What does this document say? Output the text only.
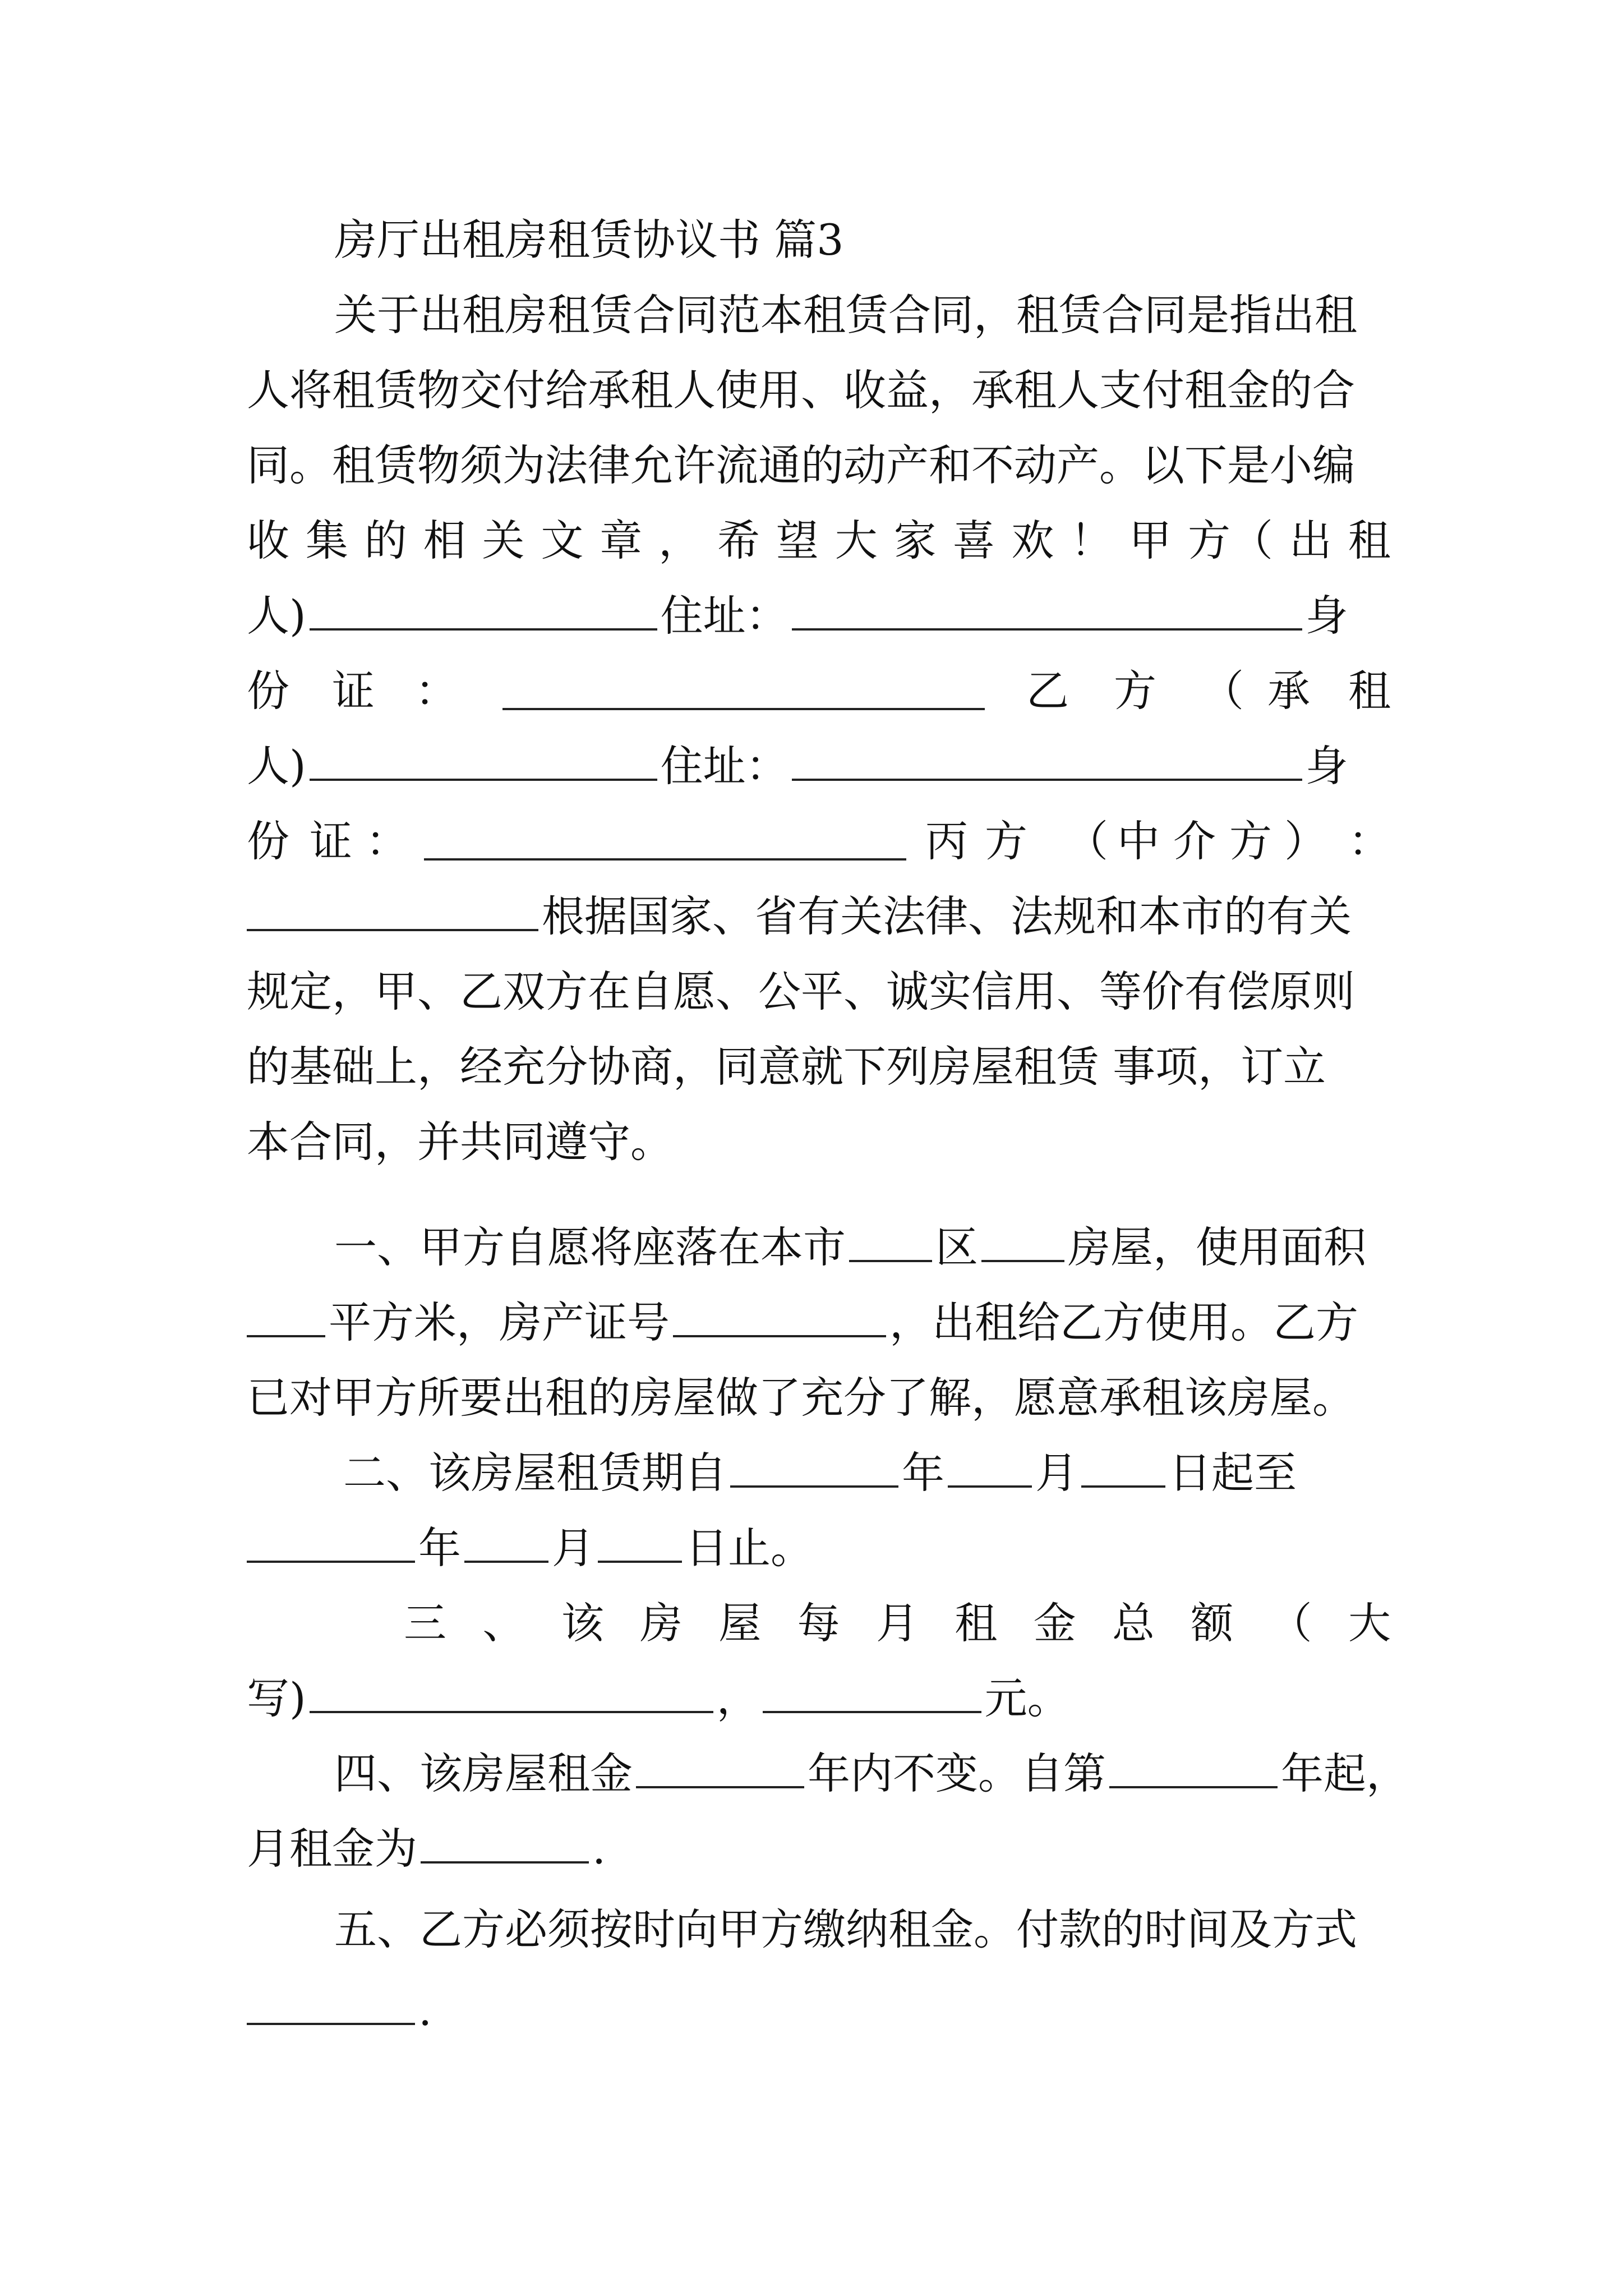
房厅出租房租赁协议书 篇3
关于出租房租赁合同范本租赁合同，租赁合同是指出租
人将租赁物交付给承租人使用、收益，承租人支付租金的合
同。租赁物须为法律允许流通的动产和不动产。以下是小编
收 集 的 相 关 文 章 ， 希 望 大 家 喜 欢 ！ 甲 方（ 出 租
人)	住址：	身
份 证 ：	乙 方 （ 承 租
人)	住址：	身
份 证 ：	丙 方 （ 中 介 方 ） ：
根据国家、省有关法律、法规和本市的有关
规定，甲、乙双方在自愿、公平、诚实信用、等价有偿原则
的基础上，经充分协商，同意就下列房屋租赁 事项，订立
本合同，并共同遵守。
一、甲方自愿将座落在本市 区 房屋，使用面积
平方米，房产证号	，出租给乙方使用。乙方
已对甲方所要出租的房屋做了充分了解，愿意承租该房屋。
二、该房屋租赁期自	年 月 日起至
年 月 日止。
三 、 该 房 屋 每 月 租 金 总 额 （ 大
写)	，	元。
四、该房屋租金	年内不变。自第	年起，
月租金为	.
五、乙方必须按时向甲方缴纳租金。付款的时间及方式
.
